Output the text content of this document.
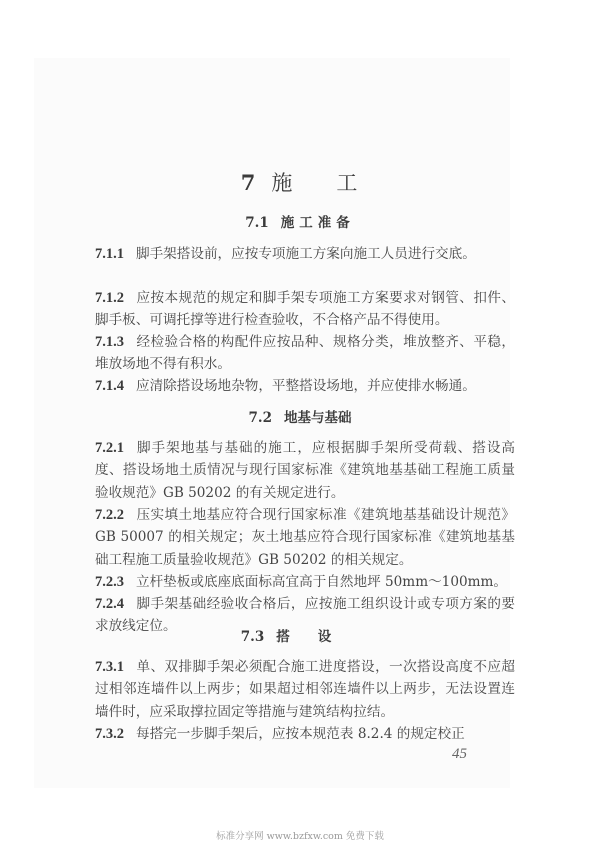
7 施 工
7.1 施工准备
7.1.1 脚手架搭设前，应按专项施工方案向施工人员进行交底。
7.1.2 应按本规范的规定和脚手架专项施工方案要求对钢管、扣件、脚手板、可调托撑等进行检查验收，不合格产品不得使用。
7.1.3 经检验合格的构配件应按品种、规格分类，堆放整齐、平稳，堆放场地不得有积水。
7.1.4 应清除搭设场地杂物，平整搭设场地，并应使排水畅通。
7.2 地基与基础
7.2.1 脚手架地基与基础的施工，应根据脚手架所受荷载、搭设高度、搭设场地土质情况与现行国家标准《建筑地基基础工程施工质量验收规范》GB 50202 的有关规定进行。
7.2.2 压实填土地基应符合现行国家标准《建筑地基基础设计规范》GB 50007 的相关规定；灰土地基应符合现行国家标准《建筑地基基础工程施工质量验收规范》GB 50202 的相关规定。
7.2.3 立杆垫板或底座底面标高宜高于自然地坪 50mm～100mm。
7.2.4 脚手架基础经验收合格后，应按施工组织设计或专项方案的要求放线定位。
7.3 搭设
7.3.1 单、双排脚手架必须配合施工进度搭设，一次搭设高度不应超过相邻连墙件以上两步；如果超过相邻连墙件以上两步，无法设置连墙件时，应采取撑拉固定等措施与建筑结构拉结。
7.3.2 每搭完一步脚手架后，应按本规范表 8.2.4 的规定校正
45
标准分享网 www.bzfxw.com 免费下载
